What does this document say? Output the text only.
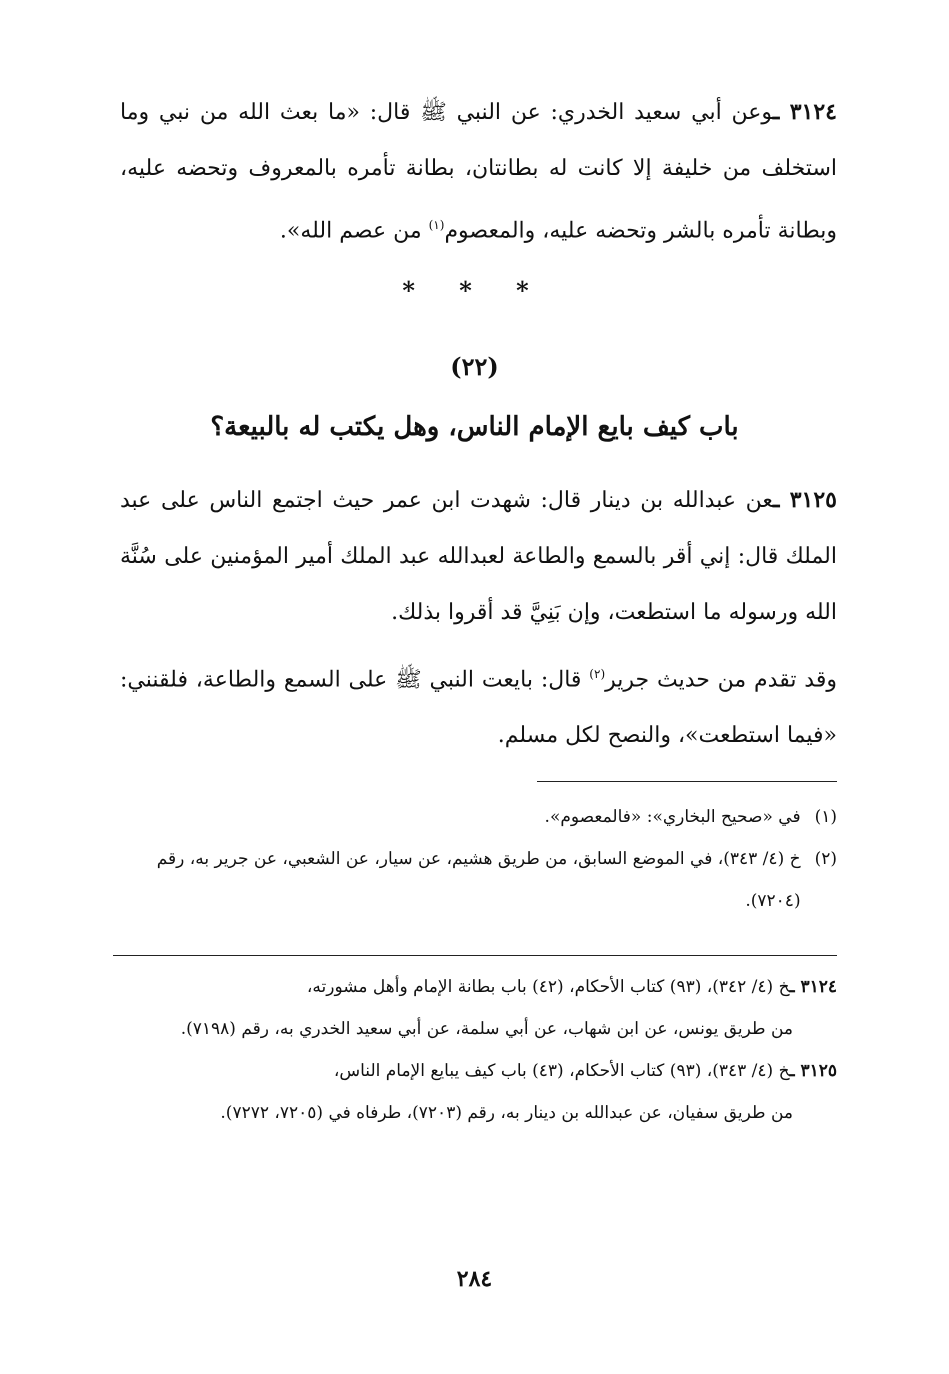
٣١٢٤ ـوعن أبي سعيد الخدري: عن النبي ﷺ قال: «ما بعث الله من نبي وما استخلف من خليفة إلا كانت له بطانتان، بطانة تأمره بالمعروف وتحضه عليه، وبطانة تأمره بالشر وتحضه عليه، والمعصوم$^{(١)}$ من عصم الله».

* * *
(٢٢)
باب كيف بايع الإمام الناس، وهل يكتب له بالبيعة؟

٣١٢٥ ـعن عبدالله بن دينار قال: شهدت ابن عمر حيث اجتمع الناس على عبد الملك قال: إني أقر بالسمع والطاعة لعبدالله عبد الملك أمير المؤمنين على سُنَّة الله ورسوله ما استطعت، وإن بَنِيَّ قد أقروا بذلك.

وقد تقدم من حديث جرير$^{(٢)}$ قال: بايعت النبي ﷺ على السمع والطاعة، فلقنني: «فيما استطعت»، والنصح لكل مسلم.

(١)
في «صحيح البخاري»: «فالمعصوم».
(٢)
خ (٤/ ٣٤٣)، في الموضع السابق، من طريق هشيم، عن سيار، عن الشعبي، عن جرير به، رقم (٧٢٠٤).
٣١٢٤ ـخ (٤/ ٣٤٢)، (٩٣) كتاب الأحكام، (٤٢) باب بطانة الإمام وأهل مشورته،
من طريق يونس، عن ابن شهاب، عن أبي سلمة، عن أبي سعيد الخدري به، رقم (٧١٩٨).
٣١٢٥ ـخ (٤/ ٣٤٣)، (٩٣) كتاب الأحكام، (٤٣) باب كيف يبايع الإمام الناس،
من طريق سفيان، عن عبدالله بن دينار به، رقم (٧٢٠٣)، طرفاه في (٧٢٠٥، ٧٢٧٢).
٢٨٤
